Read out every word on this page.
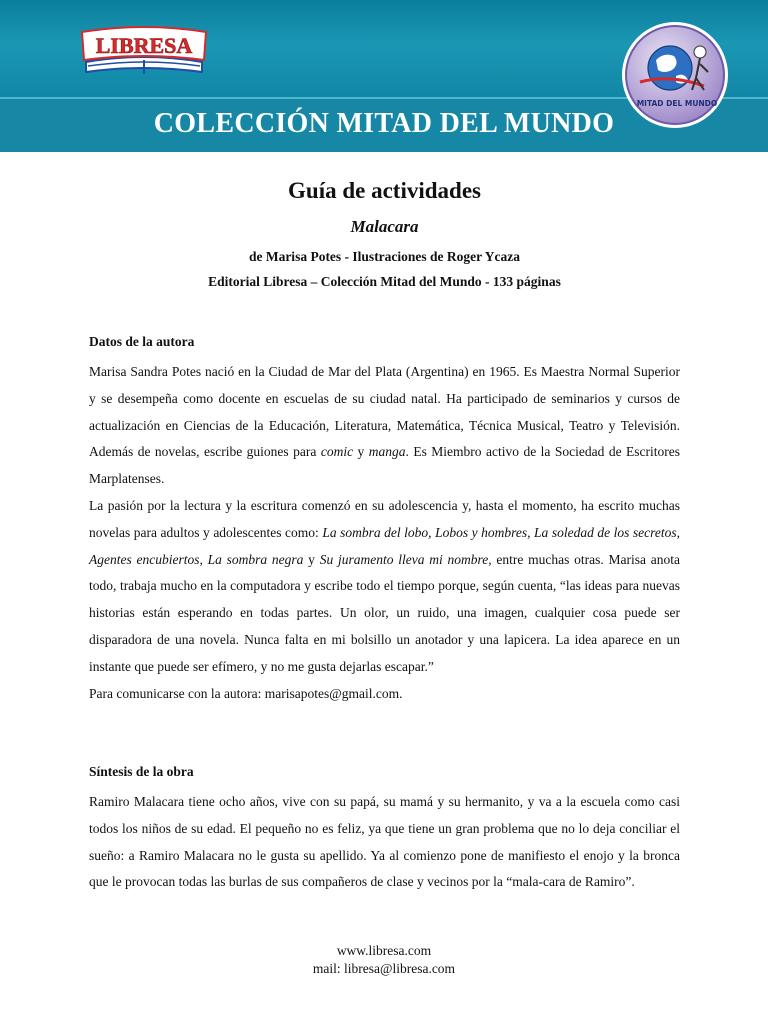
LIBRESA
MITAD DEL MUNDO
COLECCIÓN MITAD DEL MUNDO
Guía de actividades
Malacara
de Marisa Potes - Ilustraciones de Roger Ycaza
Editorial Libresa – Colección Mitad del Mundo - 133 páginas
Datos de la autora
Marisa Sandra Potes nació en la Ciudad de Mar del Plata (Argentina) en 1965. Es Maestra Normal Superior y se desempeña como docente en escuelas de su ciudad natal. Ha participado de seminarios y cursos de actualización en Ciencias de la Educación, Literatura, Matemática, Técnica Musical, Teatro y Televisión. Además de novelas, escribe guiones para comic y manga. Es Miembro activo de la Sociedad de Escritores Marplatenses.
La pasión por la lectura y la escritura comenzó en su adolescencia y, hasta el momento, ha escrito muchas novelas para adultos y adolescentes como: La sombra del lobo, Lobos y hombres, La soledad de los secretos, Agentes encubiertos, La sombra negra y Su juramento lleva mi nombre, entre muchas otras. Marisa anota todo, trabaja mucho en la computadora y escribe todo el tiempo porque, según cuenta, “las ideas para nuevas historias están esperando en todas partes. Un olor, un ruido, una imagen, cualquier cosa puede ser disparadora de una novela. Nunca falta en mi bolsillo un anotador y una lapicera. La idea aparece en un instante que puede ser efímero, y no me gusta dejarlas escapar.”
Para comunicarse con la autora: marisapotes@gmail.com.
Síntesis de la obra
Ramiro Malacara tiene ocho años, vive con su papá, su mamá y su hermanito, y va a la escuela como casi todos los niños de su edad. El pequeño no es feliz, ya que tiene un gran problema que no lo deja conciliar el sueño: a Ramiro Malacara no le gusta su apellido. Ya al comienzo pone de manifiesto el enojo y la bronca que le provocan todas las burlas de sus compañeros de clase y vecinos por la “mala-cara de Ramiro”.
www.libresa.com
mail: libresa@libresa.com
